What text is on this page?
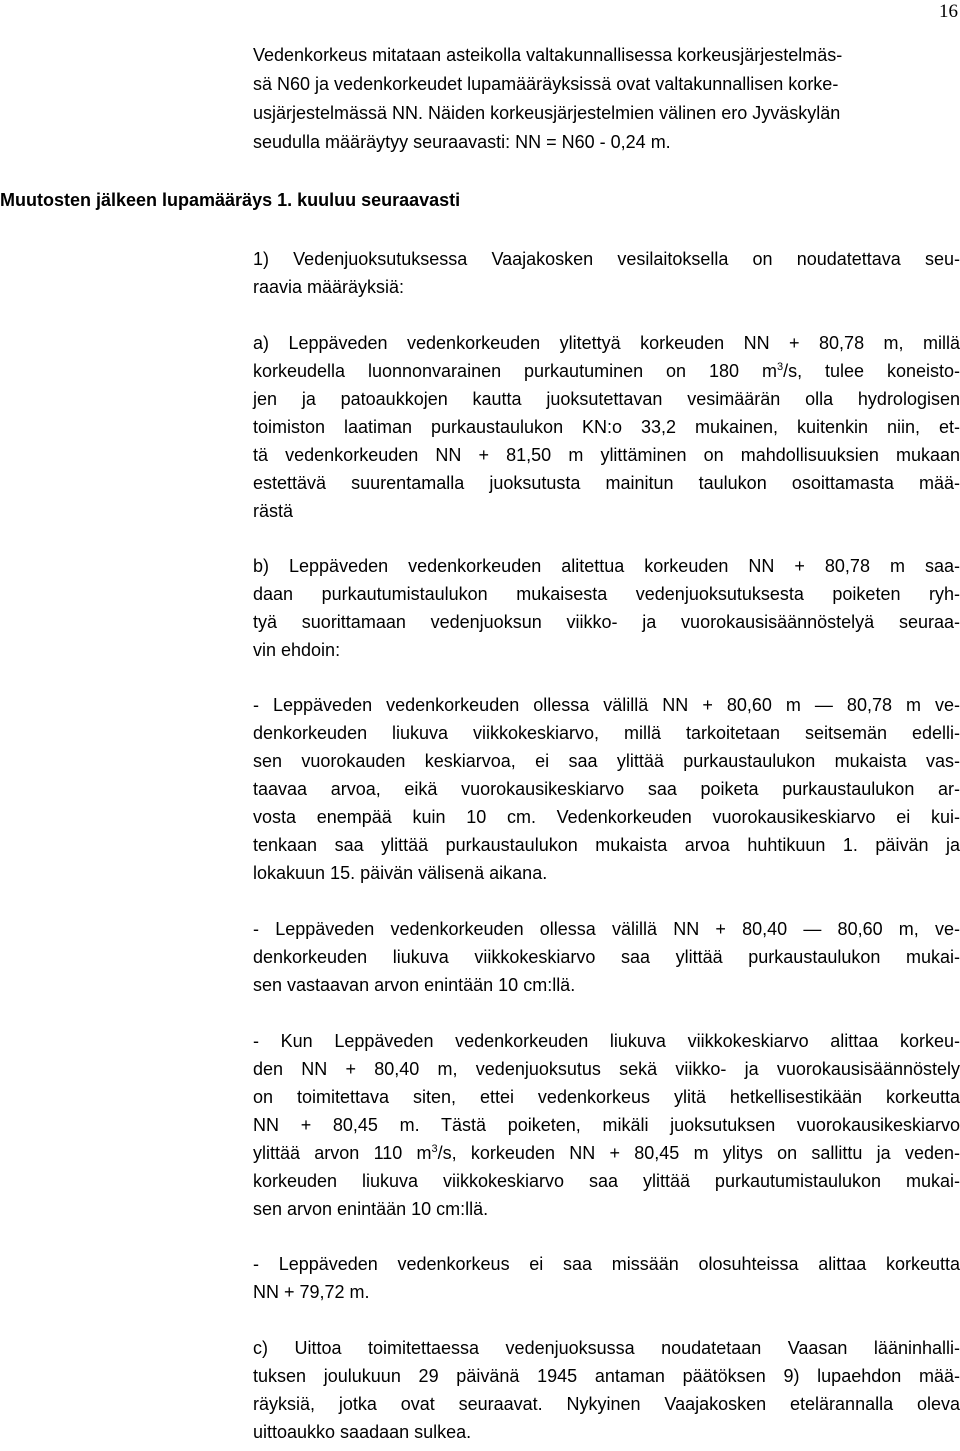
16
Vedenkorkeus mitataan asteikolla valtakunnallisessa korkeusjärjestelmäs-
sä N60 ja vedenkorkeudet lupamääräyksissä ovat valtakunnallisen korke-
usjärjestelmässä NN. Näiden korkeusjärjestelmien välinen ero Jyväskylän
seudulla määräytyy seuraavasti: NN = N60 - 0,24 m.
Muutosten jälkeen lupamääräys 1. kuuluu seuraavasti
1) Vedenjuoksutuksessa Vaajakosken vesilaitoksella on noudatettava seu-
raavia määräyksiä:
a) Leppäveden vedenkorkeuden ylitettyä korkeuden NN + 80,78 m, millä
korkeudella luonnonvarainen purkautuminen on 180 $m^3/s$, tulee koneisto-
jen ja patoaukkojen kautta juoksutettavan vesimäärän olla hydrologisen
toimiston laatiman purkaustaulukon KN:o 33,2 mukainen, kuitenkin niin, et-
tä vedenkorkeuden NN + 81,50 m ylittäminen on mahdollisuuksien mukaan
estettävä suurentamalla juoksutusta mainitun taulukon osoittamasta mää-
rästä
b) Leppäveden vedenkorkeuden alitettua korkeuden NN + 80,78 m saa-
daan purkautumistaulukon mukaisesta vedenjuoksutuksesta poiketen ryh-
tyä suorittamaan vedenjuoksun viikko- ja vuorokausisäännöstelyä seuraa-
vin ehdoin:
- Leppäveden vedenkorkeuden ollessa välillä NN + 80,60 m — 80,78 m ve-
denkorkeuden liukuva viikkokeskiarvo, millä tarkoitetaan seitsemän edelli-
sen vuorokauden keskiarvoa, ei saa ylittää purkaustaulukon mukaista vas-
taavaa arvoa, eikä vuorokausikeskiarvo saa poiketa purkaustaulukon ar-
vosta enempää kuin 10 cm. Vedenkorkeuden vuorokausikeskiarvo ei kui-
tenkaan saa ylittää purkaustaulukon mukaista arvoa huhtikuun 1. päivän ja
lokakuun 15. päivän välisenä aikana.
- Leppäveden vedenkorkeuden ollessa välillä NN + 80,40 — 80,60 m, ve-
denkorkeuden liukuva viikkokeskiarvo saa ylittää purkaustaulukon mukai-
sen vastaavan arvon enintään 10 cm:llä.
- Kun Leppäveden vedenkorkeuden liukuva viikkokeskiarvo alittaa korkeu-
den NN + 80,40 m, vedenjuoksutus sekä viikko- ja vuorokausisäännöstely
on toimitettava siten, ettei vedenkorkeus ylitä hetkellisestikään korkeutta
NN + 80,45 m. Tästä poiketen, mikäli juoksutuksen vuorokausikeskiarvo
ylittää arvon 110 $m^3/s$, korkeuden NN + 80,45 m ylitys on sallittu ja veden-
korkeuden liukuva viikkokeskiarvo saa ylittää purkautumistaulukon mukai-
sen arvon enintään 10 cm:llä.
- Leppäveden vedenkorkeus ei saa missään olosuhteissa alittaa korkeutta
NN + 79,72 m.
c) Uittoa toimitettaessa vedenjuoksussa noudatetaan Vaasan lääninhalli-
tuksen joulukuun 29 päivänä 1945 antaman päätöksen 9) lupaehdon mää-
räyksiä, jotka ovat seuraavat. Nykyinen Vaajakosken etelärannalla oleva
uittoaukko saadaan sulkea.
